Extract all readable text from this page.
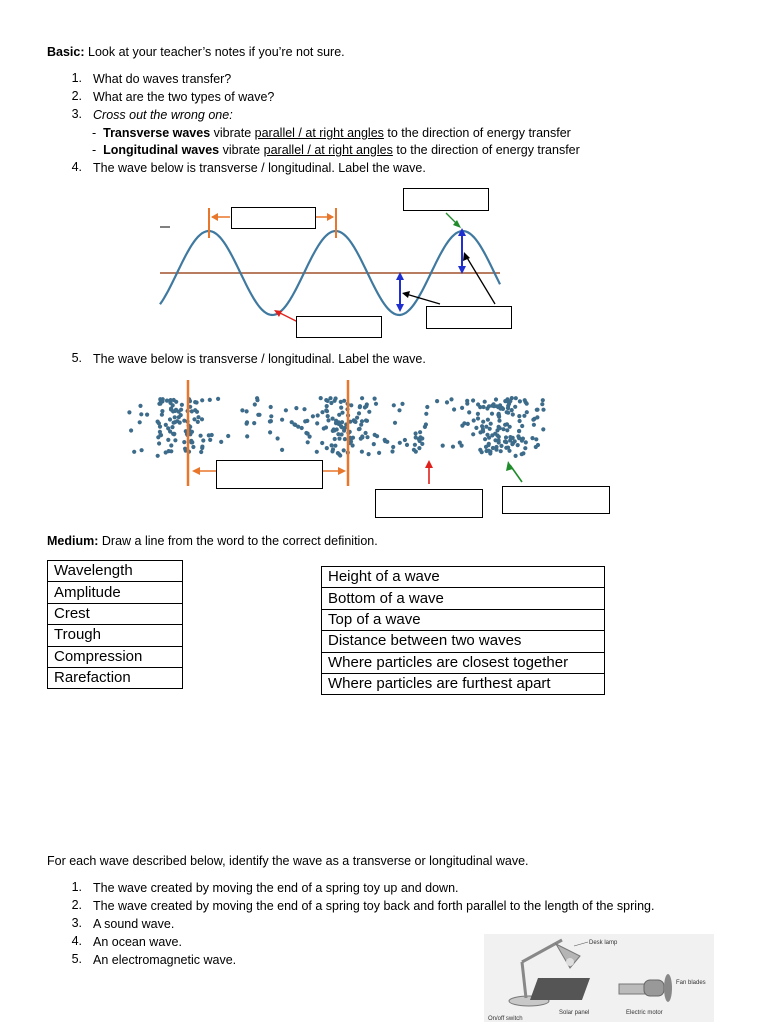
Basic: Look at your teacher’s notes if you’re not sure.
1. What do waves transfer?
2. What are the two types of wave?
3. Cross out the wrong one:
- Transverse waves vibrate parallel / at right angles to the direction of energy transfer
- Longitudinal waves vibrate parallel / at right angles to the direction of energy transfer
4. The wave below is transverse / longitudinal. Label the wave.
5. The wave below is transverse / longitudinal. Label the wave.
Medium: Draw a line from the word to the correct definition.
Wavelength
Amplitude
Crest
Trough
Compression
Rarefaction
Height of a wave
Bottom of a wave
Top of a wave
Distance between two waves
Where particles are closest together
Where particles are furthest apart
For each wave described below, identify the wave as a transverse or longitudinal wave.
1. The wave created by moving the end of a spring toy up and down.
2. The wave created by moving the end of a spring toy back and forth parallel to the length of the spring.
3. A sound wave.
4. An ocean wave.
5. An electromagnetic wave.
Desk lamp
Fan blades
On/off switch
Solar panel	Electric motor
